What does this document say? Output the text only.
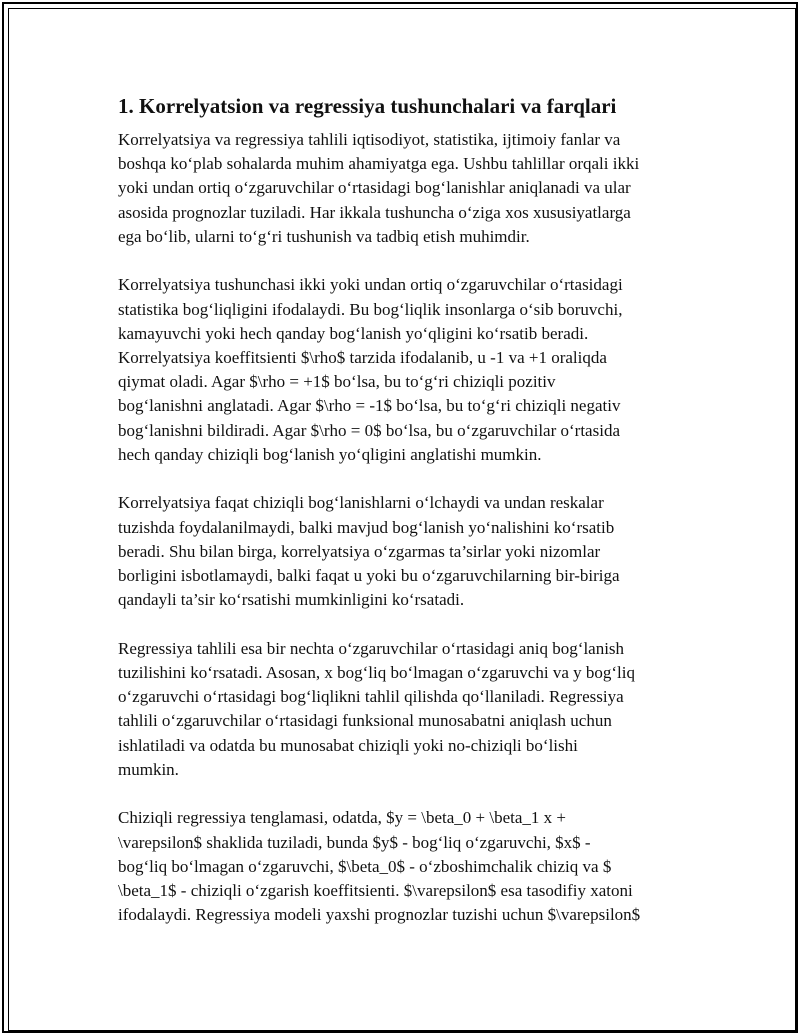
1. Korrelyatsion va regressiya tushunchalari va farqlari

Korrelyatsiya va regressiya tahlili iqtisodiyot, statistika, ijtimoiy fanlar va
boshqa ko‘plab sohalarda muhim ahamiyatga ega. Ushbu tahlillar orqali ikki
yoki undan ortiq o‘zgaruvchilar o‘rtasidagi bog‘lanishlar aniqlanadi va ular
asosida prognozlar tuziladi. Har ikkala tushuncha o‘ziga xos xususiyatlarga
ega bo‘lib, ularni to‘g‘ri tushunish va tadbiq etish muhimdir.

Korrelyatsiya tushunchasi ikki yoki undan ortiq o‘zgaruvchilar o‘rtasidagi
statistika bog‘liqligini ifodalaydi. Bu bog‘liqlik insonlarga o‘sib boruvchi,
kamayuvchi yoki hech qanday bog‘lanish yo‘qligini ko‘rsatib beradi.
Korrelyatsiya koeffitsienti $\rho$ tarzida ifodalanib, u -1 va +1 oraliqda
qiymat oladi. Agar $\rho = +1$ bo‘lsa, bu to‘g‘ri chiziqli pozitiv
bog‘lanishni anglatadi. Agar $\rho = -1$ bo‘lsa, bu to‘g‘ri chiziqli negativ
bog‘lanishni bildiradi. Agar $\rho = 0$ bo‘lsa, bu o‘zgaruvchilar o‘rtasida
hech qanday chiziqli bog‘lanish yo‘qligini anglatishi mumkin.

Korrelyatsiya faqat chiziqli bog‘lanishlarni o‘lchaydi va undan reskalar
tuzishda foydalanilmaydi, balki mavjud bog‘lanish yo‘nalishini ko‘rsatib
beradi. Shu bilan birga, korrelyatsiya o‘zgarmas ta’sirlar yoki nizomlar
borligini isbotlamaydi, balki faqat u yoki bu o‘zgaruvchilarning bir-biriga
qandayli ta’sir ko‘rsatishi mumkinligini ko‘rsatadi.

Regressiya tahlili esa bir nechta o‘zgaruvchilar o‘rtasidagi aniq bog‘lanish
tuzilishini ko‘rsatadi. Asosan, x bog‘liq bo‘lmagan o‘zgaruvchi va y bog‘liq
o‘zgaruvchi o‘rtasidagi bog‘liqlikni tahlil qilishda qo‘llaniladi. Regressiya
tahlili o‘zgaruvchilar o‘rtasidagi funksional munosabatni aniqlash uchun
ishlatiladi va odatda bu munosabat chiziqli yoki no-chiziqli bo‘lishi
mumkin.

Chiziqli regressiya tenglamasi, odatda, $y = \beta_0 + \beta_1 x +
\varepsilon$ shaklida tuziladi, bunda $y$ - bog‘liq o‘zgaruvchi, $x$ -
bog‘liq bo‘lmagan o‘zgaruvchi, $\beta_0$ - o‘zboshimchalik chiziq va $
\beta_1$ - chiziqli o‘zgarish koeffitsienti. $\varepsilon$ esa tasodifiy xatoni
ifodalaydi. Regressiya modeli yaxshi prognozlar tuzishi uchun $\varepsilon$
